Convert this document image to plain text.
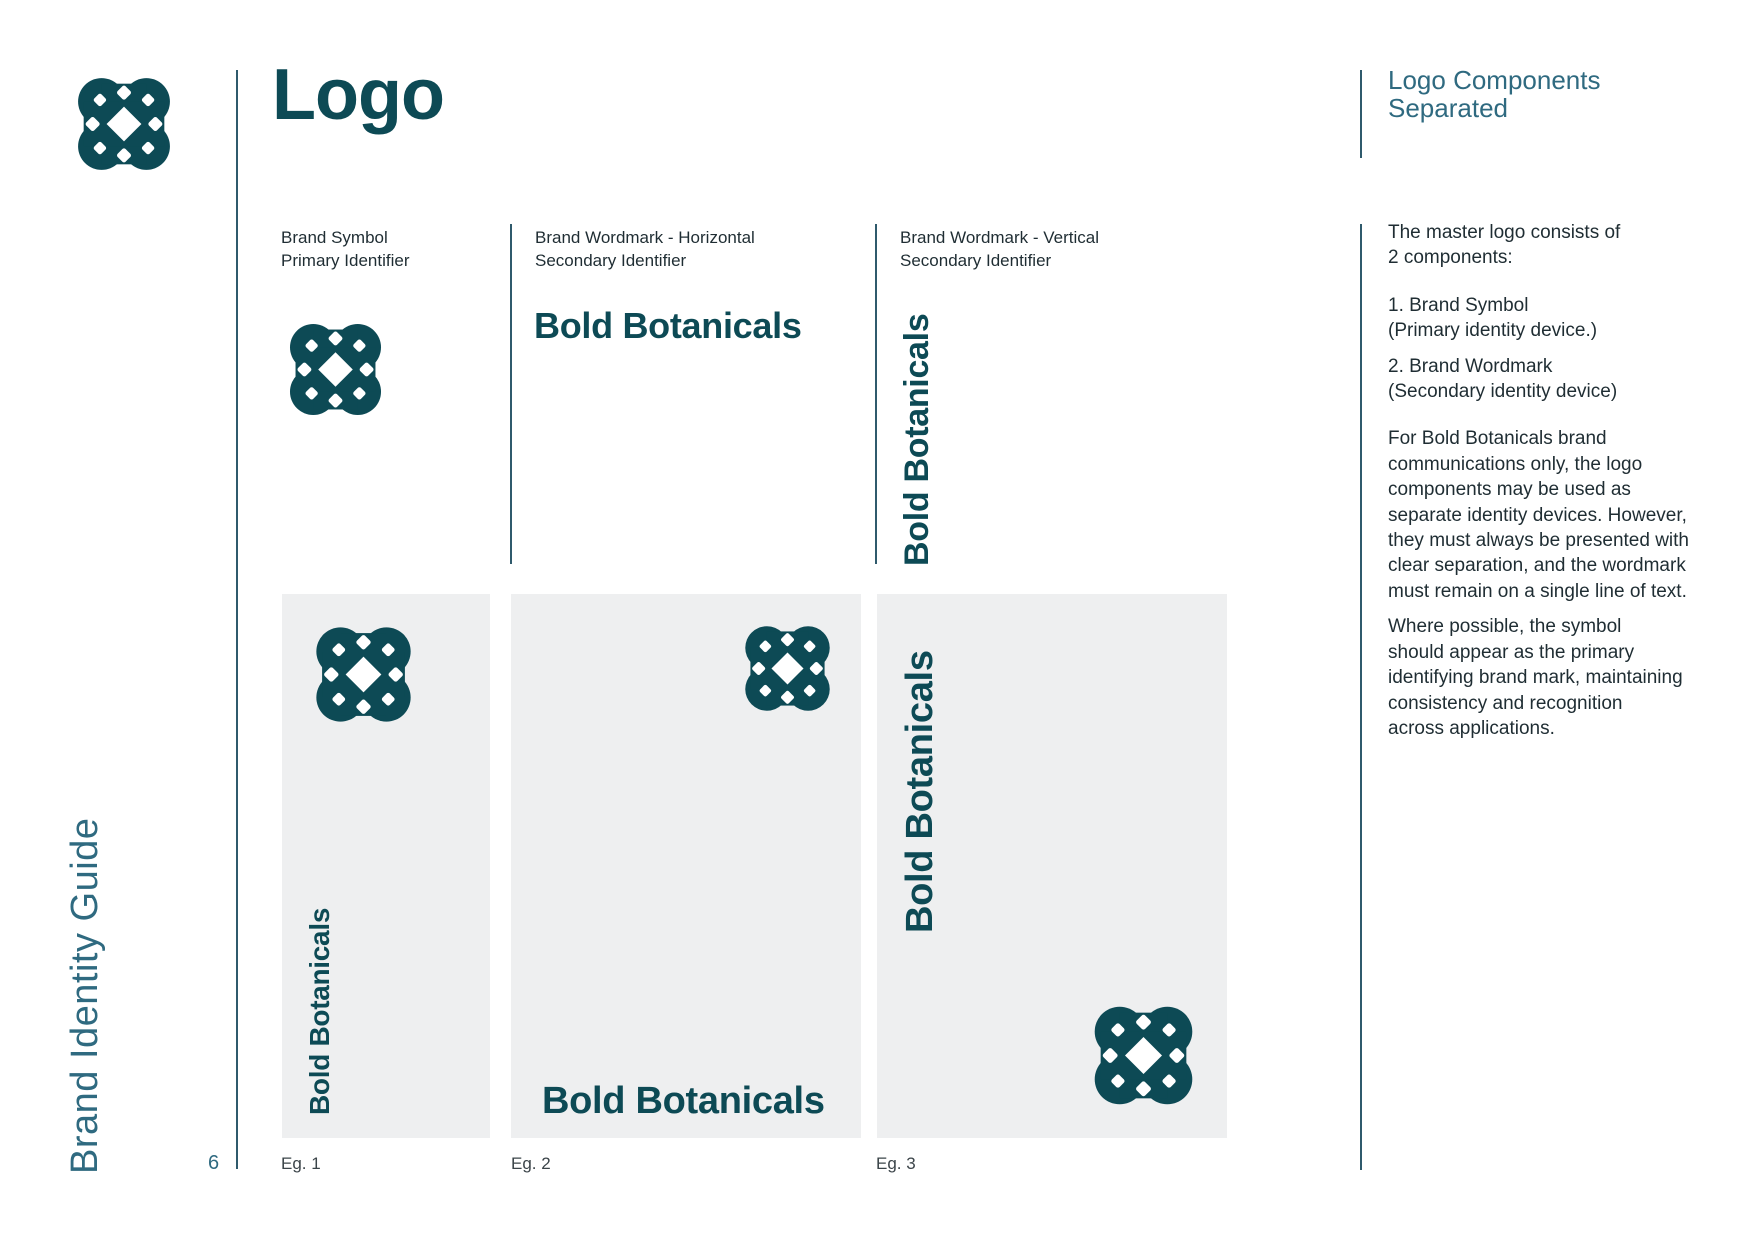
Logo	Logo Components
Separated
Brand Symbol
Primary Identifier
Brand Wordmark - Horizontal
Secondary Identifier
Brand Wordmark - Vertical
Secondary Identifier
Bold Botanicals	Bold Botanicals
Bold Botanicals	Bold Botanicals
Bold Botanicals
Eg. 1	Eg. 2	Eg. 3
Brand Identity Guide	6

The master logo consists of

2 components:

1. Brand Symbol

(Primary identity device.)

2. Brand Wordmark

(Secondary identity device)

For Bold Botanicals brand

communications only, the logo

components may be used as

separate identity devices. However,

they must always be presented with

clear separation, and the wordmark

must remain on a single line of text.

Where possible, the symbol

should appear as the primary

identifying brand mark, maintaining

consistency and recognition

across applications.
